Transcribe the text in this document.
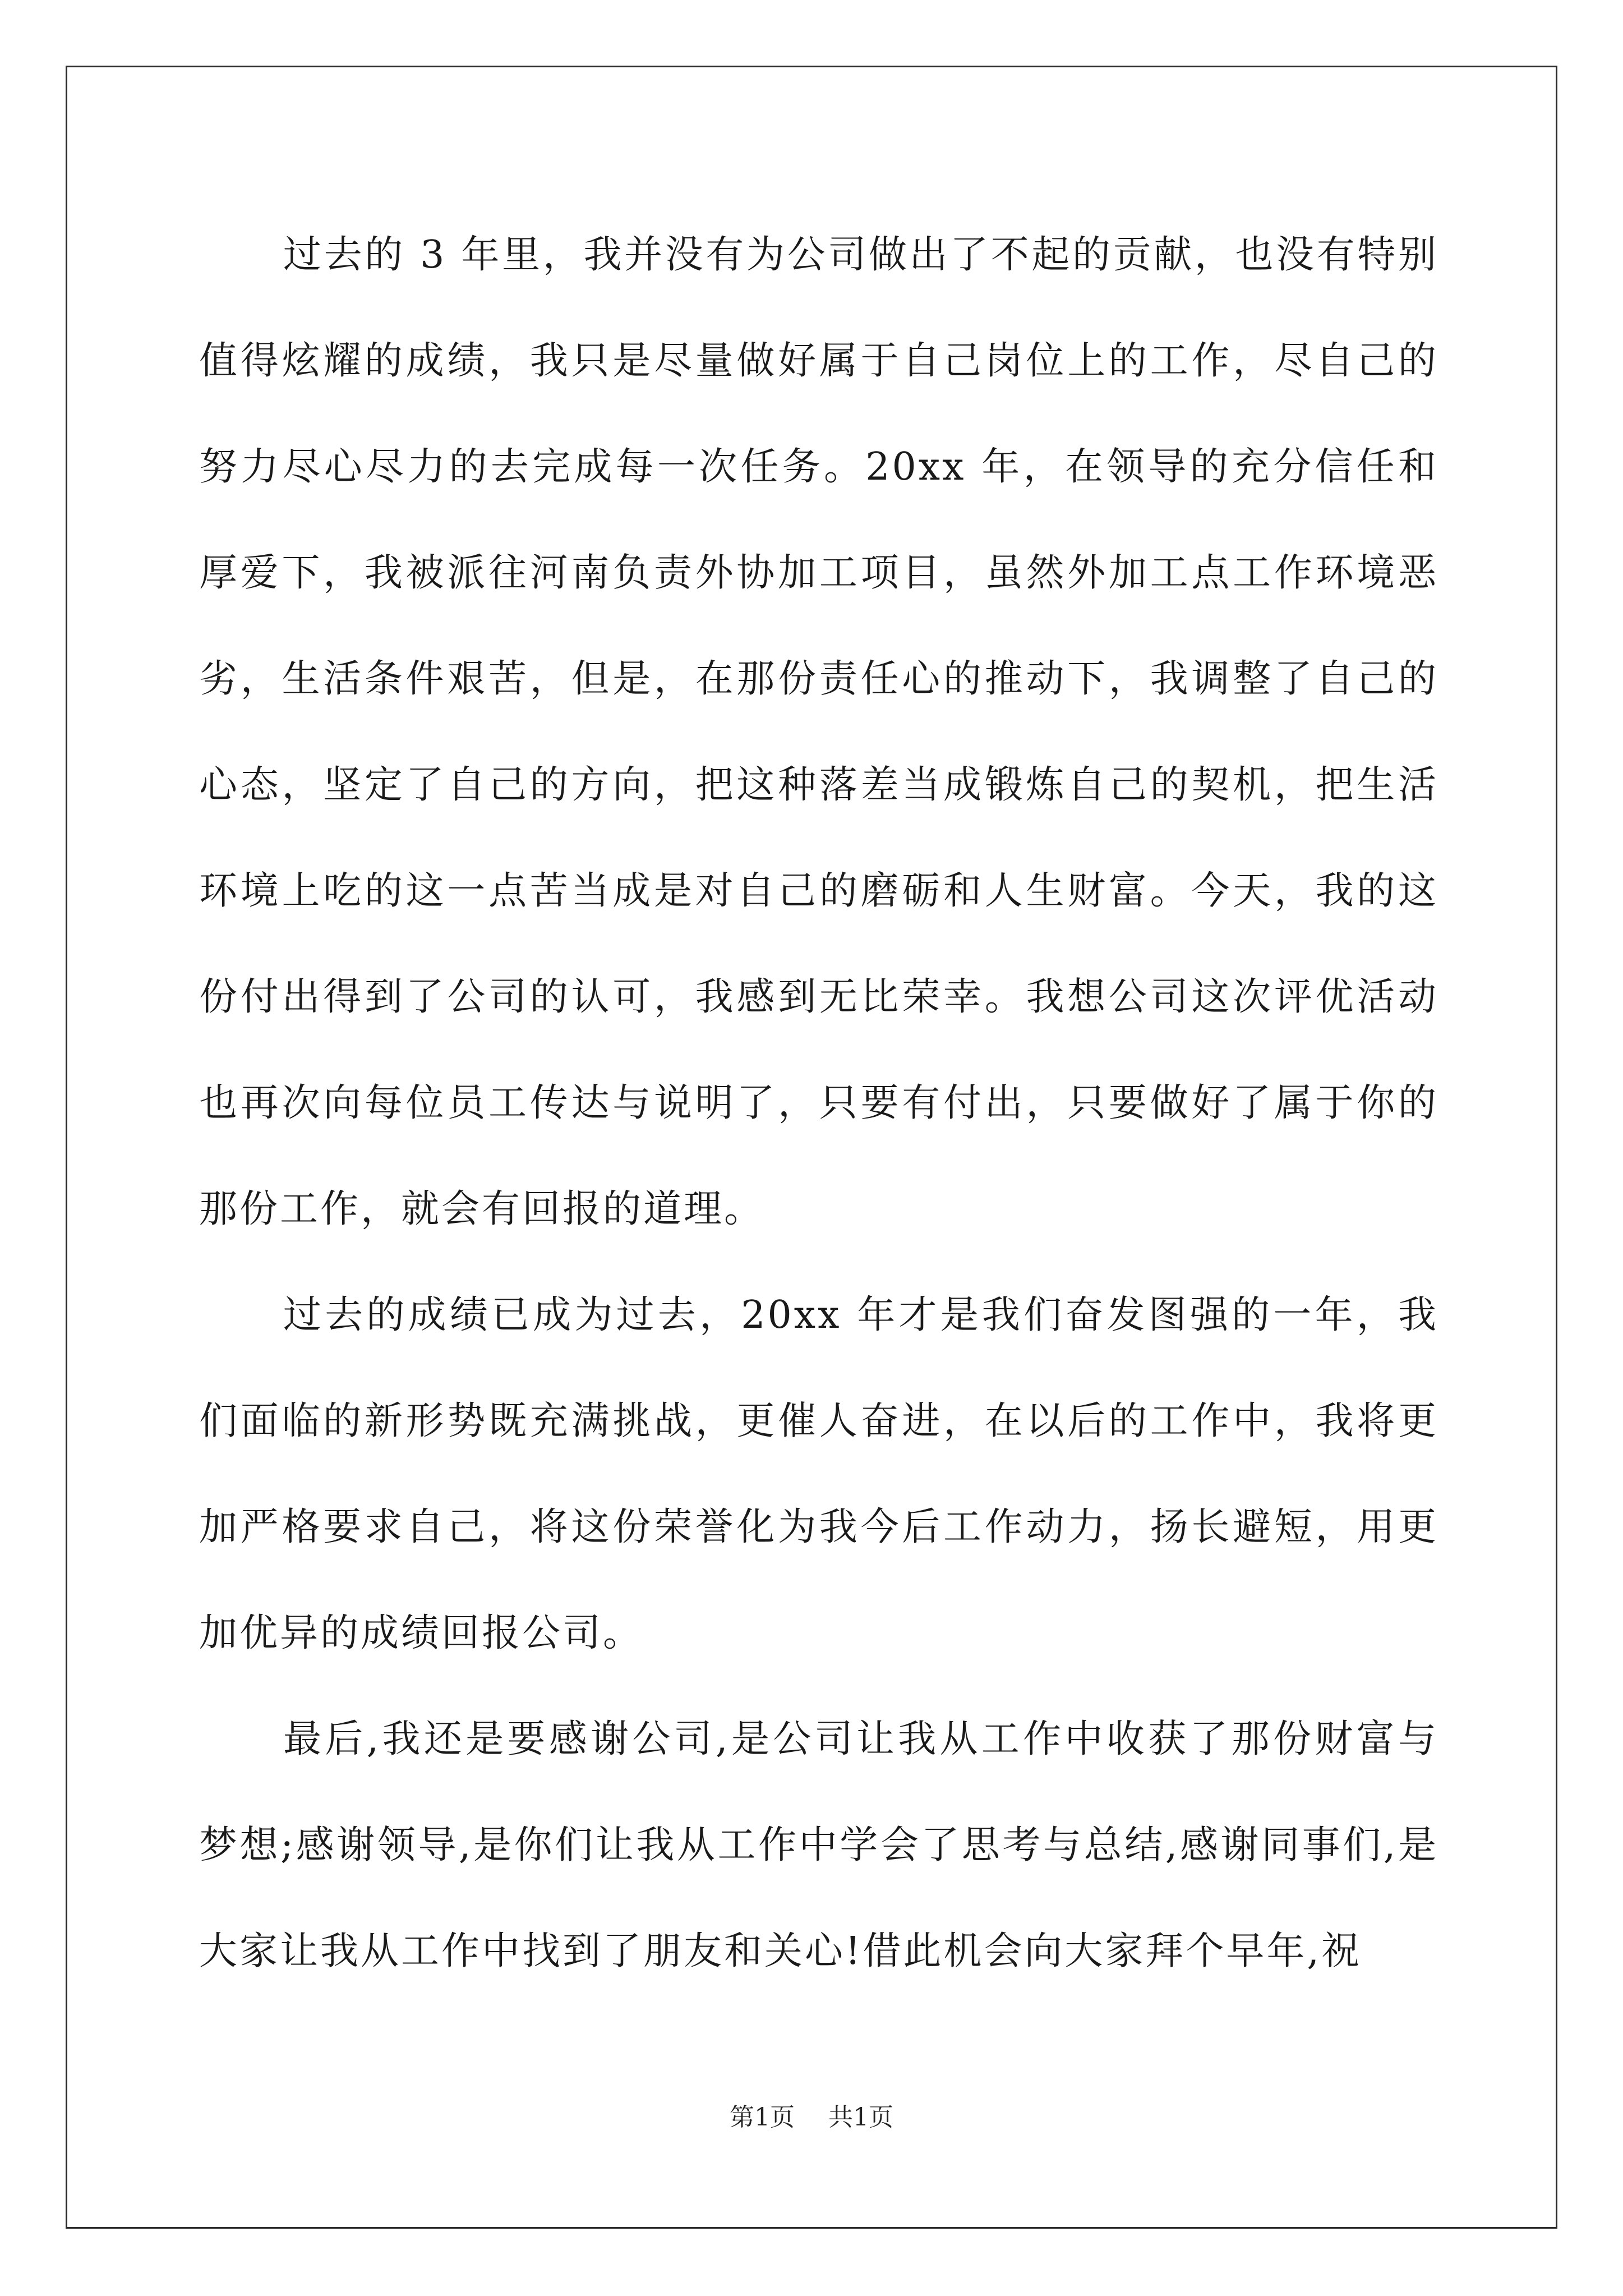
过去的 3 年里，我并没有为公司做出了不起的贡献，也没有特别值得炫耀的成绩，我只是尽量做好属于自己岗位上的工作，尽自己的努力尽心尽力的去完成每一次任务。20xx 年，在领导的充分信任和厚爱下，我被派往河南负责外协加工项目，虽然外加工点工作环境恶劣，生活条件艰苦，但是，在那份责任心的推动下，我调整了自己的心态，坚定了自己的方向，把这种落差当成锻炼自己的契机，把生活环境上吃的这一点苦当成是对自己的磨砺和人生财富。今天，我的这份付出得到了公司的认可，我感到无比荣幸。我想公司这次评优活动也再次向每位员工传达与说明了，只要有付出，只要做好了属于你的那份工作，就会有回报的道理。

过去的成绩已成为过去，20xx 年才是我们奋发图强的一年，我们面临的新形势既充满挑战，更催人奋进，在以后的工作中，我将更加严格要求自己，将这份荣誉化为我今后工作动力，扬长避短，用更加优异的成绩回报公司。

最后,我还是要感谢公司,是公司让我从工作中收获了那份财富与梦想;感谢领导,是你们让我从工作中学会了思考与总结,感谢同事们,是大家让我从工作中找到了朋友和关心!借此机会向大家拜个早年,祝

第1页 共1页
